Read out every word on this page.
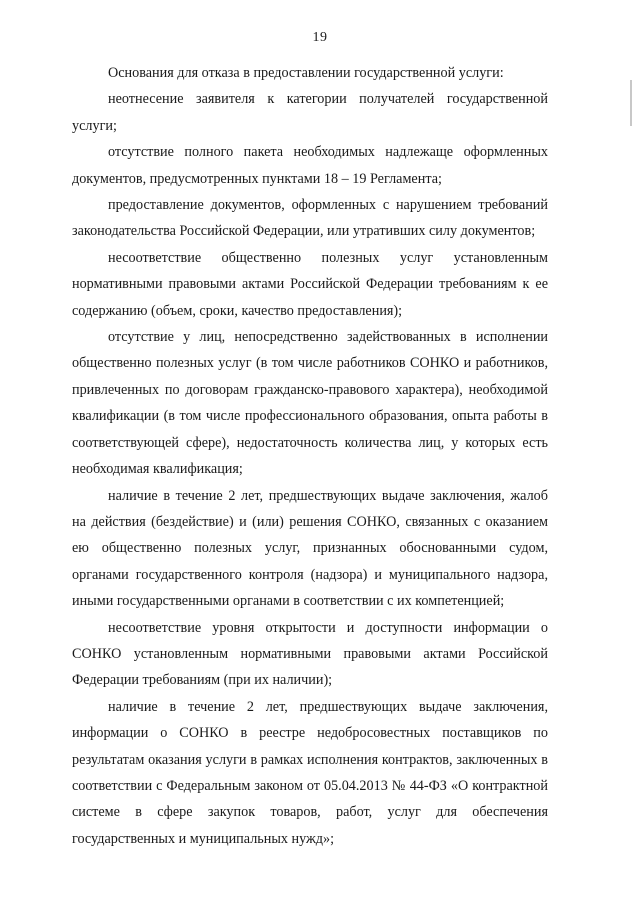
19

Основания для отказа в предоставлении государственной услуги:

неотнесение заявителя к категории получателей государственной услуги;

отсутствие полного пакета необходимых надлежаще оформленных документов, предусмотренных пунктами 18 – 19 Регламента;

предоставление документов, оформленных с нарушением требований законодательства Российской Федерации, или утративших силу документов;

несоответствие общественно полезных услуг установленным нормативными правовыми актами Российской Федерации требованиям к ее содержанию (объем, сроки, качество предоставления);

отсутствие у лиц, непосредственно задействованных в исполнении общественно полезных услуг (в том числе работников СОНКО и работников, привлеченных по договорам гражданско-правового характера), необходимой квалификации (в том числе профессионального образования, опыта работы в соответствующей сфере), недостаточность количества лиц, у которых есть необходимая квалификация;

наличие в течение 2 лет, предшествующих выдаче заключения, жалоб на действия (бездействие) и (или) решения СОНКО, связанных с оказанием ею общественно полезных услуг, признанных обоснованными судом, органами государственного контроля (надзора) и муниципального надзора, иными государственными органами в соответствии с их компетенцией;

несоответствие уровня открытости и доступности информации о СОНКО установленным нормативными правовыми актами Российской Федерации требованиям (при их наличии);

наличие в течение 2 лет, предшествующих выдаче заключения, информации о СОНКО в реестре недобросовестных поставщиков по результатам оказания услуги в рамках исполнения контрактов, заключенных в соответствии с Федеральным законом от 05.04.2013 № 44-ФЗ «О контрактной системе в сфере закупок товаров, работ, услуг для обеспечения государственных и муниципальных нужд»;
